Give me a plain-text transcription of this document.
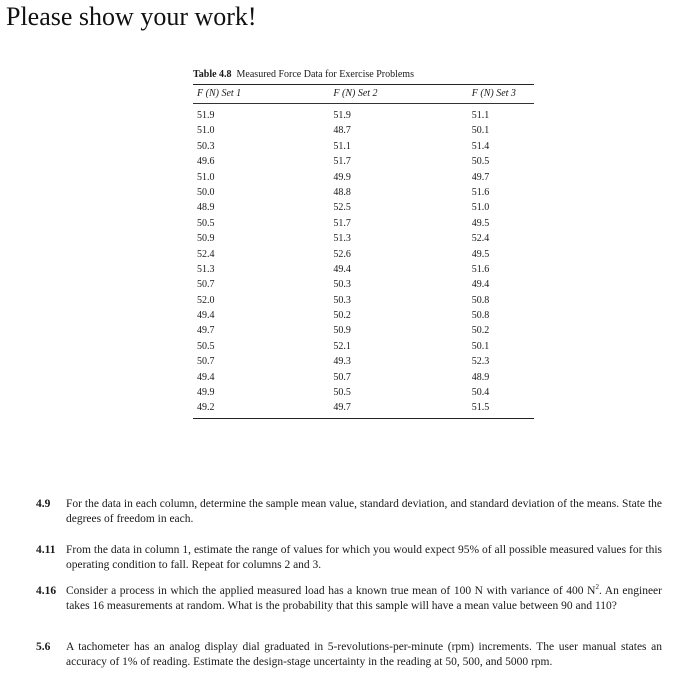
Please show your work!
Table 4.8 Measured Force Data for Exercise Problems
F (N) Set 1	F (N) Set 2	F (N) Set 3
51.9	51.9	51.1
51.0	48.7	50.1
50.3	51.1	51.4
49.6	51.7	50.5
51.0	49.9	49.7
50.0	48.8	51.6
48.9	52.5	51.0
50.5	51.7	49.5
50.9	51.3	52.4
52.4	52.6	49.5
51.3	49.4	51.6
50.7	50.3	49.4
52.0	50.3	50.8
49.4	50.2	50.8
49.7	50.9	50.2
50.5	52.1	50.1
50.7	49.3	52.3
49.4	50.7	48.9
49.9	50.5	50.4
49.2	49.7	51.5
4.9	For the data in each column, determine the sample mean value, standard deviation, and standard deviation of the means. State the degrees of freedom in each.
4.11 From the data in column 1, estimate the range of values for which you would expect 95% of all possible measured values for this operating condition to fall. Repeat for columns 2 and 3.
4.16 Consider a process in which the applied measured load has a known true mean of 100 N with variance of 400 $N^2$. An engineer takes 16 measurements at random. What is the probability that this sample will have a mean value between 90 and 110?
5.6	A tachometer has an analog display dial graduated in 5-revolutions-per-minute (rpm) increments. The user manual states an accuracy of 1% of reading. Estimate the design-stage uncertainty in the reading at 50, 500, and 5000 rpm.
